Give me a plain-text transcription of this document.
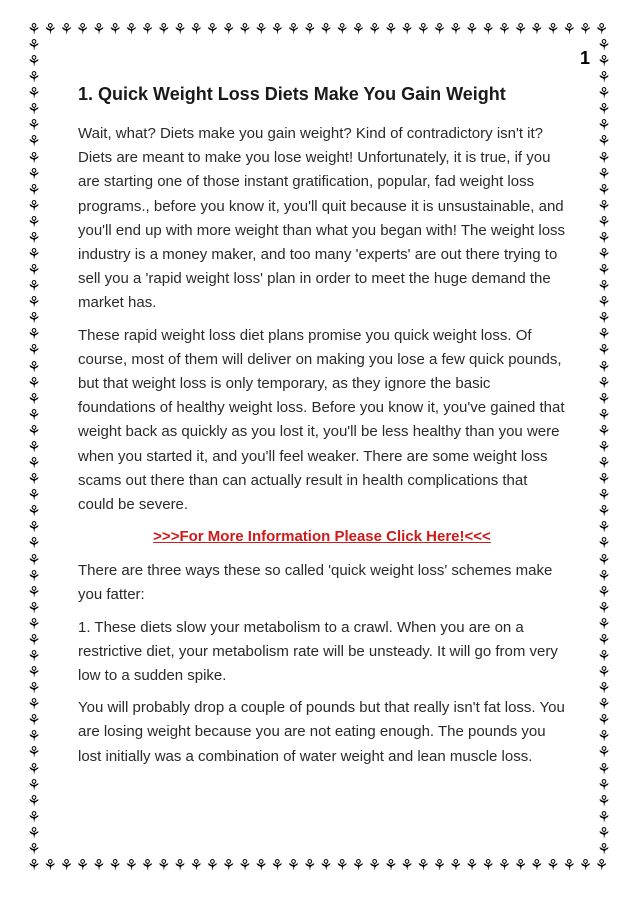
⚘ ⚘ ⚘ ⚘ ⚘ ⚘ ⚘ ⚘ ⚘ ⚘ ⚘ ⚘ ⚘ ⚘ ⚘ ⚘ ⚘ ⚘ ⚘ ⚘ ⚘ ⚘ ⚘ ⚘ ⚘ ⚘ ⚘ ⚘ ⚘ ⚘ ⚘ ⚘ ⚘ ⚘ ⚘ ⚘
⚘ ⚘ ⚘ ⚘ ⚘ ⚘ ⚘ ⚘ ⚘ ⚘ ⚘ ⚘ ⚘ ⚘ ⚘ ⚘ ⚘ ⚘ ⚘ ⚘ ⚘ ⚘ ⚘ ⚘ ⚘ ⚘ ⚘ ⚘ ⚘ ⚘ ⚘ ⚘ ⚘ ⚘ ⚘ ⚘
⚘
⚘
⚘
⚘
⚘
⚘
⚘
⚘
⚘
⚘
⚘
⚘
⚘
⚘
⚘
⚘
⚘
⚘
⚘
⚘
⚘
⚘
⚘
⚘
⚘
⚘
⚘
⚘
⚘
⚘
⚘
⚘
⚘
⚘
⚘
⚘
⚘
⚘
⚘
⚘
⚘
⚘
⚘
⚘
⚘
⚘
⚘
⚘
⚘
⚘
⚘
⚘
⚘
⚘
⚘
⚘
⚘
⚘
⚘
⚘
⚘
⚘
⚘
⚘
⚘
⚘
⚘
⚘
⚘
⚘
⚘
⚘
⚘
⚘
⚘
⚘
⚘
⚘
⚘
⚘
⚘
⚘
⚘
⚘
⚘
⚘
⚘
⚘
⚘
⚘
⚘
⚘
⚘
⚘
⚘
⚘
⚘
⚘
⚘
⚘
⚘
⚘
1
1. Quick Weight Loss Diets Make You Gain Weight

Wait, what? Diets make you gain weight? Kind of contradictory isn't it? Diets are meant to make you lose weight! Unfortunately, it is true, if you are starting one of those instant gratification, popular, fad weight loss programs., before you know it, you'll quit because it is unsustainable, and you'll end up with more weight than what you began with! The weight loss industry is a money maker, and too many 'experts' are out there trying to sell you a 'rapid weight loss' plan in order to meet the huge demand the market has.

These rapid weight loss diet plans promise you quick weight loss. Of course, most of them will deliver on making you lose a few quick pounds, but that weight loss is only temporary, as they ignore the basic foundations of healthy weight loss. Before you know it, you've gained that weight back as quickly as you lost it, you'll be less healthy than you were when you started it, and you'll feel weaker. There are some weight loss scams out there than can actually result in health complications that could be severe.

>>>For More Information Please Click Here!<<<

There are three ways these so called 'quick weight loss' schemes make you fatter:

1. These diets slow your metabolism to a crawl. When you are on a restrictive diet, your metabolism rate will be unsteady. It will go from very low to a sudden spike.

You will probably drop a couple of pounds but that really isn't fat loss. You are losing weight because you are not eating enough. The pounds you lost initially was a combination of water weight and lean muscle loss.
